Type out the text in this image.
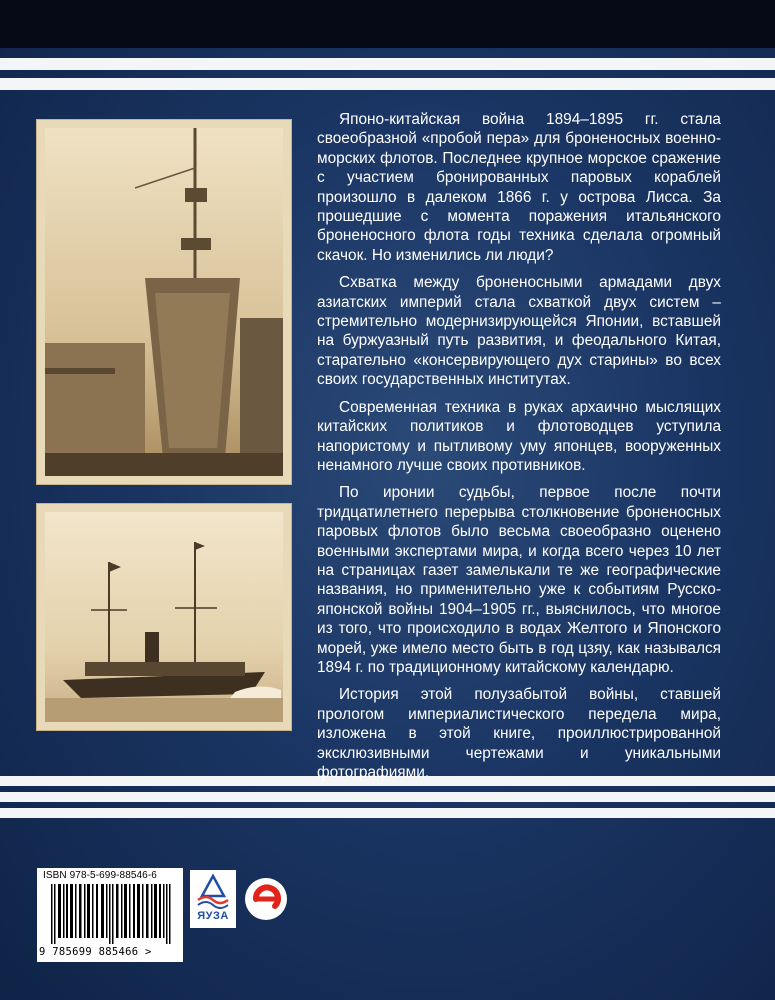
Японо-китайская война 1894–1895 гг. стала своеобразной «пробой пера» для броненосных военно-морских флотов. Последнее крупное морское сражение с участием бронированных паровых кораблей произошло в далеком 1866 г. у острова Лисса. За прошедшие с момента поражения итальянского броненосного флота годы техника сделала огромный скачок. Но изменились ли люди?

Схватка между броненосными армадами двух азиатских империй стала схваткой двух систем – стремительно модернизирующейся Японии, вставшей на буржуазный путь развития, и феодального Китая, старательно «консервирующего дух старины» во всех своих государственных институтах.

Современная техника в руках архаично мыслящих китайских политиков и флотоводцев уступила напористому и пытливому уму японцев, вооруженных ненамного лучше своих противников.

По иронии судьбы, первое после почти тридцатилетнего перерыва столкновение броненосных паровых флотов было весьма своеобразно оценено военными экспертами мира, и когда всего через 10 лет на страницах газет замелькали те же географические названия, но применительно уже к событиям Русско-японской войны 1904–1905 гг., выяснилось, что многое из того, что происходило в водах Желтого и Японского морей, уже имело место быть в год цзяу, как назывался 1894 г. по традиционному китайскому календарю.

История этой полузабытой войны, ставшей прологом империалистического передела мира, изложена в этой книге, проиллюстрированной эксклюзивными чертежами и уникальными фотографиями.

ISBN 978-5-699-88546-6
9 785699 885466 >
ЯУЗА
